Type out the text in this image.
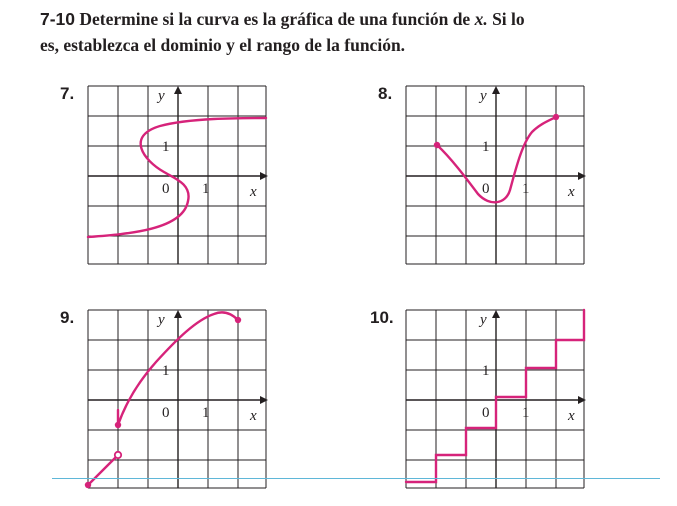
7-10 Determine si la curva es la gráfica de una función de x. Si lo
es, establezca el dominio y el rango de la función.
7.	y
x
1
0 1
8.	y
x
1
0 1
9.	y
x
1
0 1
10.	y
x
1
0 1
